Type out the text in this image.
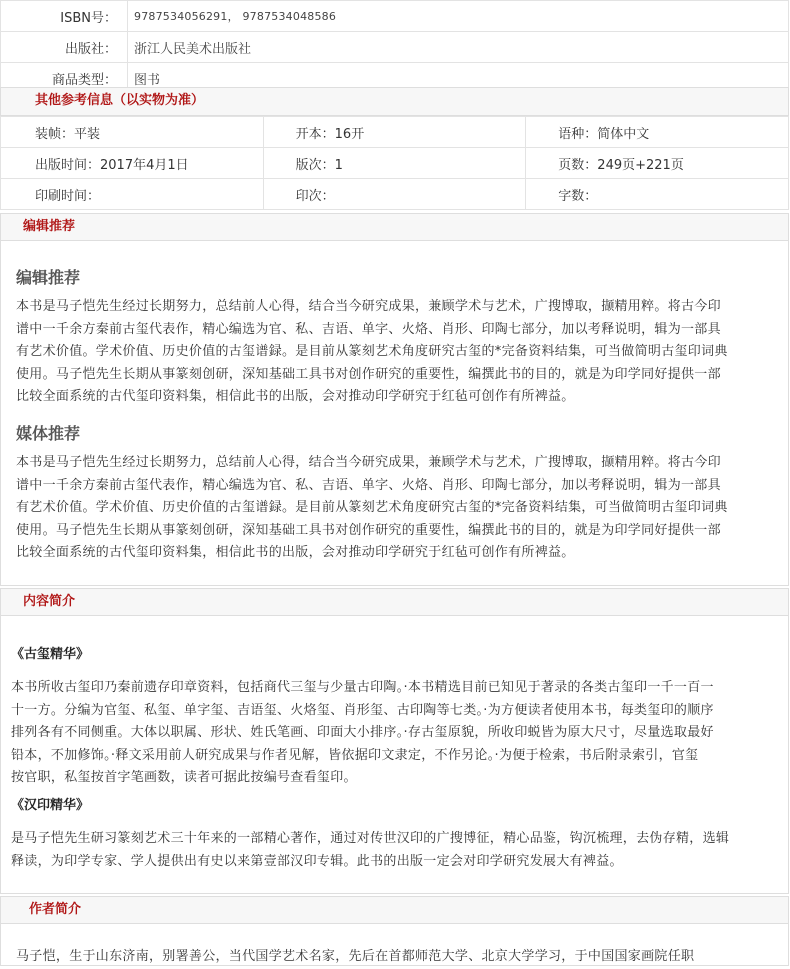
ISBN号：	9787534056291， 9787534048586
出版社：	浙江人民美术出版社
商品类型：	图书
其他参考信息（以实物为准）
装帧：平装	开本：16开	语种：简体中文
出版时间：2017年4月1日	版次：1	页数：249页+221页
印刷时间：	印次：	字数：
编辑推荐
编辑推荐
本书是马子恺先生经过长期努力，总结前人心得，结合当今研究成果，兼顾学术与艺术，广搜博取，撷精用粹。将古今印
谱中一千余方秦前古玺代表作，精心编选为官、私、吉语、单字、火烙、肖形、印陶七部分，加以考释说明，辑为一部具
有艺术价值。学术价值、历史价值的古玺谱録。是目前从篆刻艺术角度研究古玺的*完备资料结集，可当做简明古玺印词典
使用。马子恺先生长期从事篆刻创研，深知基础工具书对创作研究的重要性，编撰此书的目的，就是为印学同好提供一部
比较全面系统的古代玺印资料集，相信此书的出版，会对推动印学研究于红毡可创作有所裨益。
媒体推荐
本书是马子恺先生经过长期努力，总结前人心得，结合当今研究成果，兼顾学术与艺术，广搜博取，撷精用粹。将古今印
谱中一千余方秦前古玺代表作，精心编选为官、私、吉语、单字、火烙、肖形、印陶七部分，加以考释说明，辑为一部具
有艺术价值。学术价值、历史价值的古玺谱録。是目前从篆刻艺术角度研究古玺的*完备资料结集，可当做简明古玺印词典
使用。马子恺先生长期从事篆刻创研，深知基础工具书对创作研究的重要性，编撰此书的目的，就是为印学同好提供一部
比较全面系统的古代玺印资料集，相信此书的出版，会对推动印学研究于红毡可创作有所裨益。
内容简介
《古玺精华》
本书所收古玺印乃秦前遗存印章资料，包括商代三玺与少量古印陶。·本书精选目前已知见于著录的各类古玺印一千一百一
十一方。分编为官玺、私玺、单字玺、吉语玺、火烙玺、肖形玺、古印陶等七类。·为方便读者使用本书，每类玺印的顺序
排列各有不同侧重。大体以职属、形状、姓氏笔画、印面大小排序。·存古玺原貌，所收印蜕皆为原大尺寸，尽量选取最好
铅本，不加修饰。·释文采用前人研究成果与作者见解，皆依据印文隶定，不作另论。·为便于检索，书后附录索引，官玺
按官职，私玺按首字笔画数，读者可据此按编号查看玺印。
《汉印精华》
是马子恺先生研习篆刻艺术三十年来的一部精心著作，通过对传世汉印的广搜博征，精心品鉴，钩沉梳理，去伪存精，选辑
释读，为印学专家、学人提供出有史以来第壹部汉印专辑。此书的出版一定会对印学研究发展大有裨益。
作者简介
马子恺，生于山东济南，别署善公，当代国学艺术名家，先后在首都师范大学、北京大学学习，于中国国家画院任职
